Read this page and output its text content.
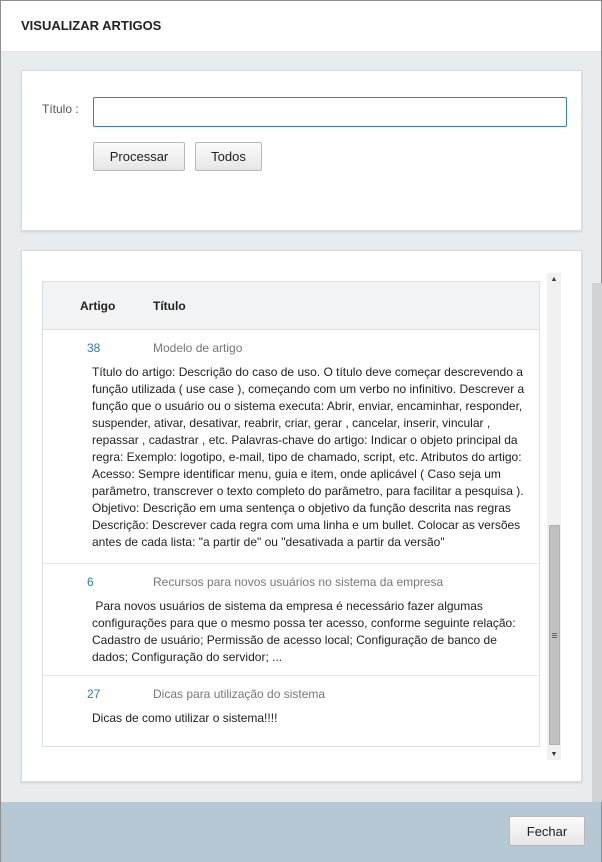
VISUALIZAR ARTIGOS
Título :
Processar	Todos
Artigo	Título
38	Modelo de artigo
Título do artigo: Descrição do caso de uso. O título deve começar descrevendo a função utilizada ( use case ), começando com um verbo no infinitivo. Descrever a função que o usuário ou o sistema executa: Abrir, enviar, encaminhar, responder, suspender, ativar, desativar, reabrir, criar, gerar , cancelar, inserir, vincular , repassar , cadastrar , etc. Palavras-chave do artigo: Indicar o objeto principal da regra: Exemplo: logotipo, e-mail, tipo de chamado, script, etc. Atributos do artigo: Acesso: Sempre identificar menu, guia e item, onde aplicável ( Caso seja um parâmetro, transcrever o texto completo do parâmetro, para facilitar a pesquisa ). Objetivo: Descrição em uma sentença o objetivo da função descrita nas regras Descrição: Descrever cada regra com uma linha e um bullet. Colocar as versões antes de cada lista: "a partir de" ou "desativada a partir da versão"
6	Recursos para novos usuários no sistema da empresa
Para novos usuários de sistema da empresa é necessário fazer algumas configurações para que o mesmo possa ter acesso, conforme seguinte relação: Cadastro de usuário; Permissão de acesso local; Configuração de banco de dados; Configuração do servidor; ...
27	Dicas para utilização do sistema
Dicas de como utilizar o sistema!!!!
▲
▼
Fechar
